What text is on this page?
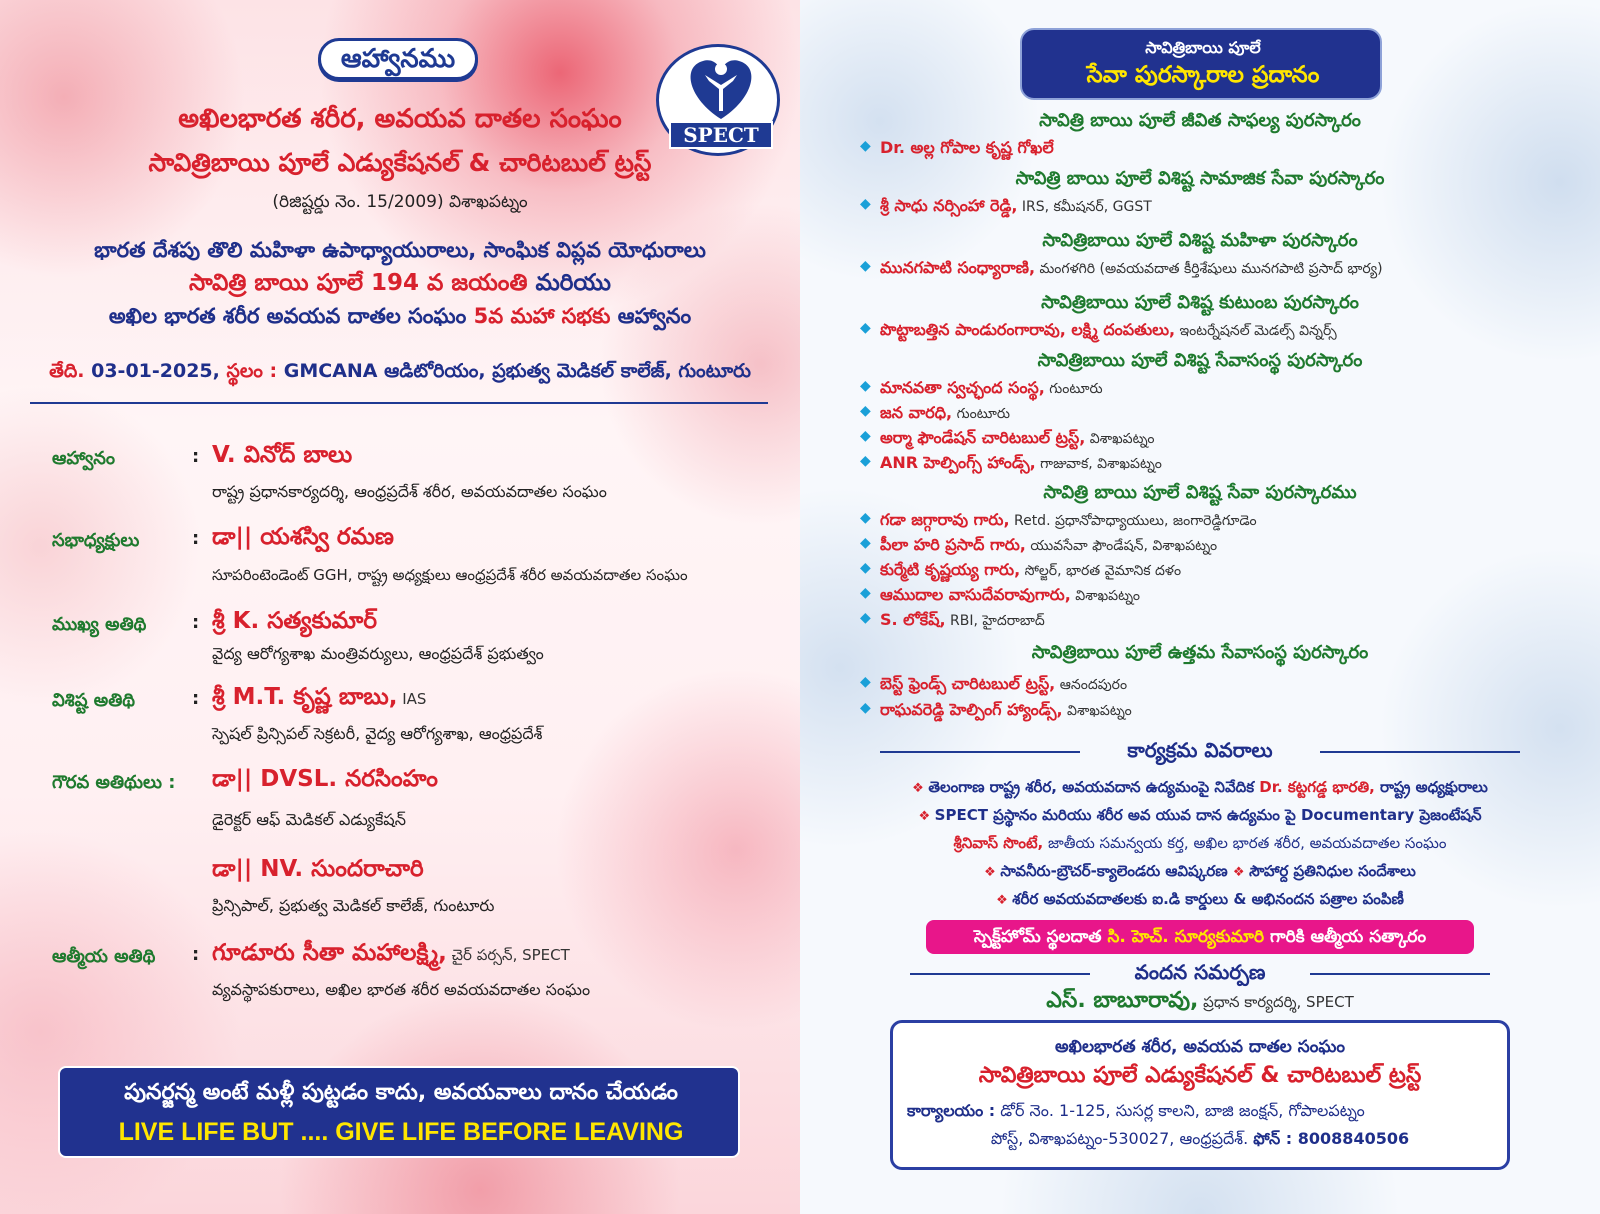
ఆహ్వానము
SPECT
అఖిలభారత శరీర, అవయవ దాతల సంఘం
సావిత్రిబాయి పూలే ఎడ్యుకేషనల్ & చారిటబుల్ ట్రస్ట్
(రిజిష్టర్డు నెం. 15/2009) విశాఖపట్నం
భారత దేశపు తొలి మహిళా ఉపాధ్యాయురాలు, సాంఘిక విప్లవ యోధురాలు
సావిత్రి బాయి పూలే 194 వ జయంతి మరియు
అఖిల భారత శరీర అవయవ దాతల సంఘం 5వ మహా సభకు ఆహ్వానం
తేది. 03-01-2025, స్థలం : GMCANA ఆడిటోరియం, ప్రభుత్వ మెడికల్ కాలేజ్, గుంటూరు
ఆహ్వానం	: V. వినోద్ బాలు
రాష్ట్ర ప్రధానకార్యదర్శి, ఆంధ్రప్రదేశ్ శరీర, అవయవదాతల సంఘం
సభాధ్యక్షులు	: డా|| యశస్వి రమణ
సూపరింటెండెంట్ GGH, రాష్ట్ర అధ్యక్షులు ఆంధ్రప్రదేశ్ శరీర అవయవదాతల సంఘం
ముఖ్య అతిథి	: శ్రీ K. సత్యకుమార్
వైద్య ఆరోగ్యశాఖ మంత్రివర్యులు, ఆంధ్రప్రదేశ్ ప్రభుత్వం
విశిష్ట అతిథి	: శ్రీ M.T. కృష్ణ బాబు, IAS
స్పెషల్ ప్రిన్సిపల్ సెక్రటరీ, వైద్య ఆరోగ్యశాఖ, ఆంధ్రప్రదేశ్
గౌరవ అతిథులు : డా|| DVSL. నరసింహం
డైరెక్టర్ ఆఫ్ మెడికల్ ఎడ్యుకేషన్
డా|| NV. సుందరాచారి
ప్రిన్సిపాల్, ప్రభుత్వ మెడికల్ కాలేజ్, గుంటూరు
ఆత్మీయ అతిథి : గూడూరు సీతా మహాలక్ష్మి, చైర్ పర్సన్, SPECT
వ్యవస్థాపకురాలు, అఖిల భారత శరీర అవయవదాతల సంఘం
పునర్జన్మ అంటే మళ్లీ పుట్టడం కాదు, అవయవాలు దానం చేయడం
LIVE LIFE BUT .... GIVE LIFE BEFORE LEAVING
సావిత్రిబాయి పూలే
సేవా పురస్కారాల ప్రదానం
సావిత్రి బాయి పూలే జీవిత సాఫల్య పురస్కారం
◆ Dr. అల్ల గోపాల కృష్ణ గోఖలే
సావిత్రి బాయి పూలే విశిష్ట సామాజిక సేవా పురస్కారం
◆ శ్రీ సాధు నర్సింహా రెడ్డి, IRS, కమీషనర్, GGST
సావిత్రిబాయి పూలే విశిష్ట మహిళా పురస్కారం
◆ మునగపాటి సంధ్యారాణి, మంగళగిరి (అవయవదాత కీర్తిశేషులు మునగపాటి ప్రసాద్ భార్య)
సావిత్రిబాయి పూలే విశిష్ట కుటుంబ పురస్కారం
◆ పొట్టాబత్తిన పాండురంగారావు, లక్ష్మి దంపతులు, ఇంటర్నేషనల్ మెడల్స్ విన్నర్స్
సావిత్రిబాయి పూలే విశిష్ట సేవాసంస్థ పురస్కారం
◆ మానవతా స్వచ్ఛంద సంస్థ, గుంటూరు
◆ జన వారధి, గుంటూరు
◆ అర్మా ఫౌండేషన్ చారిటబుల్ ట్రస్ట్, విశాఖపట్నం
◆ ANR హెల్పింగ్స్ హాండ్స్, గాజువాక, విశాఖపట్నం
సావిత్రి బాయి పూలే విశిష్ట సేవా పురస్కారము
◆ గడా జగ్గారావు గారు, Retd. ప్రధానోపాధ్యాయులు, జంగారెడ్డిగూడెం
◆ పీలా హరి ప్రసాద్ గారు, యువసేవా ఫౌండేషన్, విశాఖపట్నం
◆ కుర్మేటి కృష్ణయ్య గారు, సోల్జర్, భారత వైమానిక దళం
◆ ఆముదాల వాసుదేవరావుగారు, విశాఖపట్నం
◆ S. లోకేష్, RBI, హైదరాబాద్
సావిత్రిబాయి పూలే ఉత్తమ సేవాసంస్థ పురస్కారం
◆ బెస్ట్ ఫ్రెండ్స్ చారిటబుల్ ట్రస్ట్, ఆనందపురం
◆ రాఘవరెడ్డి హెల్పింగ్ హ్యాండ్స్, విశాఖపట్నం
కార్యక్రమ వివరాలు
❖ తెలంగాణ రాష్ట్ర శరీర, అవయవదాన ఉద్యమంపై నివేదిక Dr. కట్టగడ్డ భారతి, రాష్ట్ర అధ్యక్షురాలు
❖ SPECT ప్రస్థానం మరియు శరీర అవ యువ దాన ఉద్యమం పై Documentary ప్రెజంటేషన్
శ్రీనివాస్ సొంటే, జాతీయ సమన్వయ కర్త, అఖిల భారత శరీర, అవయవదాతల సంఘం
❖ సావనీరు-బ్రౌచర్-క్యాలెండరు ఆవిష్కరణ ❖ సౌహార్ద ప్రతినిధుల సందేశాలు
❖ శరీర అవయవదాతలకు ఐ.డి కార్డులు & అభినందన పత్రాల పంపిణీ
స్పెక్ట్‌హోమ్ స్థలదాత సి. హెచ్. సూర్యకుమారి గారికి ఆత్మీయ సత్కారం
వందన సమర్పణ
ఎస్. బాబూరావు, ప్రధాన కార్యదర్శి, SPECT
అఖిలభారత శరీర, అవయవ దాతల సంఘం
సావిత్రిబాయి పూలే ఎడ్యుకేషనల్ & చారిటబుల్ ట్రస్ట్
కార్యాలయం : డోర్ నెం. 1-125, సుసర్ల కాలని, బాజి జంక్షన్, గోపాలపట్నం
పోస్ట్, విశాఖపట్నం-530027, ఆంధ్రప్రదేశ్. ఫోన్ : 8008840506
